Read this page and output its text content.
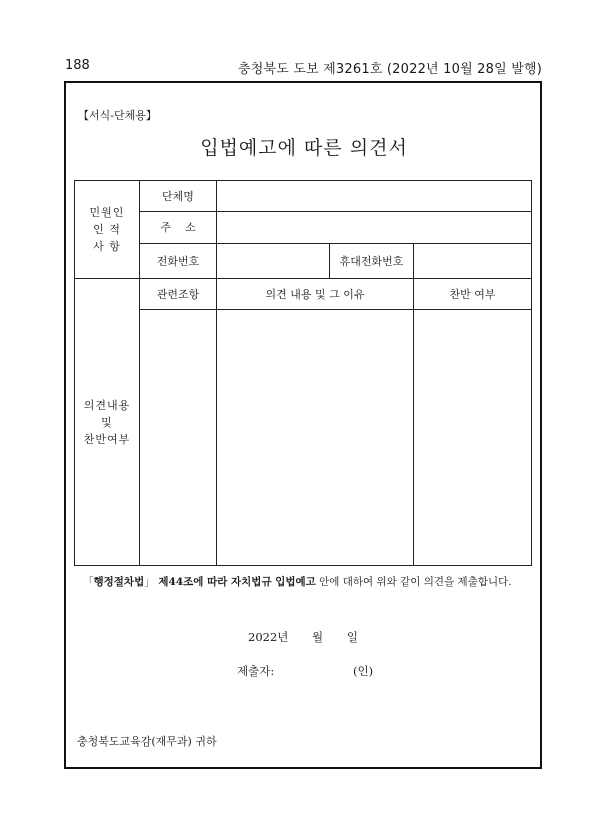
188	충청북도 도보 제3261호 (2022년 10월 28일 발행)
【서식-단체용】
입법예고에 따른 의견서
민원인
인 적
사 항	단체명			
	주    소			
	전화번호		휴대전화번호	
의견내용
및
찬반여부	관련조항	의견 내용 및 그 이유		찬반 여부

「행정절차법」 제44조에 따라 자치법규 입법예고 안에 대하여 위와 같이 의견을 제출합니다.
2022년 월 일
제출자:	(인)
충청북도교육감(재무과) 귀하
